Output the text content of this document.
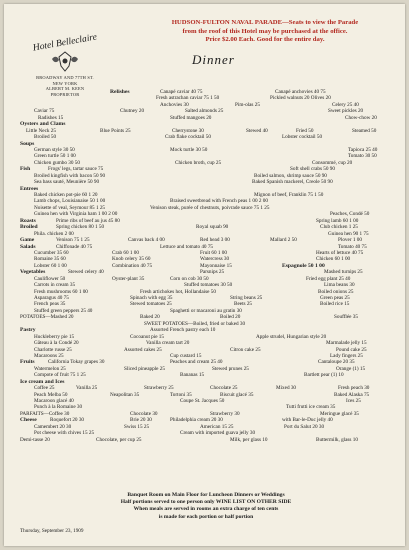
HUDSON-FULTON NAVAL PARADE—Seats to view the Parade
from the roof of this Hotel may be purchased at the office.
Price $2.00 Each. Good for the entire day.
Hotel Belleclaire
BROADWAY AND 77TH ST.
NEW YORK
ALBERT M. KEEN
PROPRIETOR
Dinner
Relishes	Canapé caviar 40 75	Canapé anchovies 40 75
Fresh astrachan caviar 75 1 50	Pickled walnuts 20 Olives 20
Anchovies 30	Pim-olas 25	Celery 25 40
Caviar 75	Chutney 20	Salted almonds 25	Sweet pickles 20
Radishes 15	Stuffed mangoes 20	Chow-chow 20
Oysters and Clams
Little Neck 25	Blue Points 25	Cherrystone 30	Stewed 40	Fried 50	Steamed 50
Broiled 50	Crab flake cocktail 50	Lobster cocktail 50
Soups
German style 30 50	Mock turtle 30 50	Tapioca 25 40
Green turtle 50 1 00	Tomato 30 50
Chicken gumbo 30 50	Chicken broth, cup 25	Consommé, cup 20
Fish	Frogs' legs, tartar sauce 75	Soft shell crabs 50 90
Broiled kingfish with bacon 50 90	Boiled salmon, shrimp sauce 50 90
Sea bass sauté, Meunière 50 90	Baked Spanish mackerel, Creole 50 90
Entrees
Baked chicken pot-pie 60 1 20	Mignon of beef, Franklin 75 1 50
Lamb chops, Louisianaise 50 1 00	Braised sweetbread with French peas 1 00 2 00
Noisette of veal, Seymour 85 1 25	Venison steak, purée of chestnuts, poivrade sauce 75 1 25
Guinea hen with Virginia ham 1 00 2 00	Peaches, Condé 50
Roasts	Prime ribs of beef au jus 45 80	Spring lamb 60 1 00
Broiled	Spring chicken 80 1 50	Royal squab 90	Club chicken 1 25
Phila. chicken 2 00	Guinea hen 90 1 75
Game	Venison 75 1 25	Canvas back 4 00	Red head 3 00	Mallard 2 50	Plover 1 00
Salads	Chiffonade 40 75	Lettuce and tomato 40 75	Tomato 40 75
Cucumber 35 60	Crab 60 1 00	Fruit 60 1 00	Hearts of lettuce 40 75
Romaine 35 60	Knob celery 35 60	Watercress 30	Chicken 60 1 00
Lobster 60 1 00	Combination 40 75	Mayonnaise 15	Espagnole 50 1 00
Vegetables	Stewed celery 40	Parsnips 25	Mashed turnips 25
Cauliflower 50	Oyster-plant 35	Corn on cob 30 50	Fried egg plant 25 40
Carrots in cream 35	Stuffed tomatoes 30 50	Lima beans 30
Fresh mushrooms 60 1 00	Fresh artichokes hot, Hollandaise 50	Boiled onions 25
Asparagus 40 75	Spinach with egg 35	String beans 25	Green peas 25
French peas 35	Stewed tomatoes 25	Beets 25	Boiled rice 15
Stuffed green peppers 25 40	Spaghetti or macaroni au gratin 30
POTATOES—Mashed 20	Baked 20	Boiled 20	Soufflée 35
SWEET POTATOES—Boiled, fried or baked 30
Pastry	Assorted French pastry each 10
Huckleberry pie 15	Cocoanut pie 15	Apple strudel, Hungarian style 20
Gâteau à la Condé 20	Vanilla cream tart 20	Marmalade jelly 15
Charlotte russe 25	Assorted cakes 25	Citron cake 25	Pound cake 25
Macaroons 25	Cup custard 15	Lady fingers 25
Fruits	California Tokay grapes 30	Peaches and cream 25 40	Cantaloupe 20 35
Watermelon 25	Sliced pineapple 25	Stewed prunes 25	Orange (1) 15
Compote of fruit 75 1 25	Bananas 15	Bartlett pear (1) 10
Ice cream and Ices
Coffee 25	Vanilla 25	Strawberry 25	Chocolate 25	Mixed 30	Fresh peach 30
Peach Melba 50	Neapolitan 35	Tortoni 35	Biscuit glacé 35	Baked Alaska 75
Macaroon glacé 40	Coupe St. Jacques 50	Ices 25
Punch à la Romaine 30	Tutti frutti ice cream 35
PARFAITS—Coffee 30	Chocolate 30	Strawberry 30	Meringue glacé 35
Cheese	Roquefort 20 30	Brie 20 30	Philadelphia cream 20 30	with Bar-le-Duc jelly 40
Camembert 20 30	Swiss 15 25	American 15 25	Port du Salut 20 30
Pot cheese with chives 15 25	Cream with imported guava jelly 30
Demi-tasse 20	Chocolate, per cup 25	Milk, per glass 10	Buttermilk, glass 10
Banquet Room on Main Floor for Luncheon Dinners or Weddings
Half portions served to one person only WINE LIST ON OTHER SIDE
When meals are served in rooms an extra charge of ten cents
is made for each portion or half portion
Thursday, September 23, 1909
